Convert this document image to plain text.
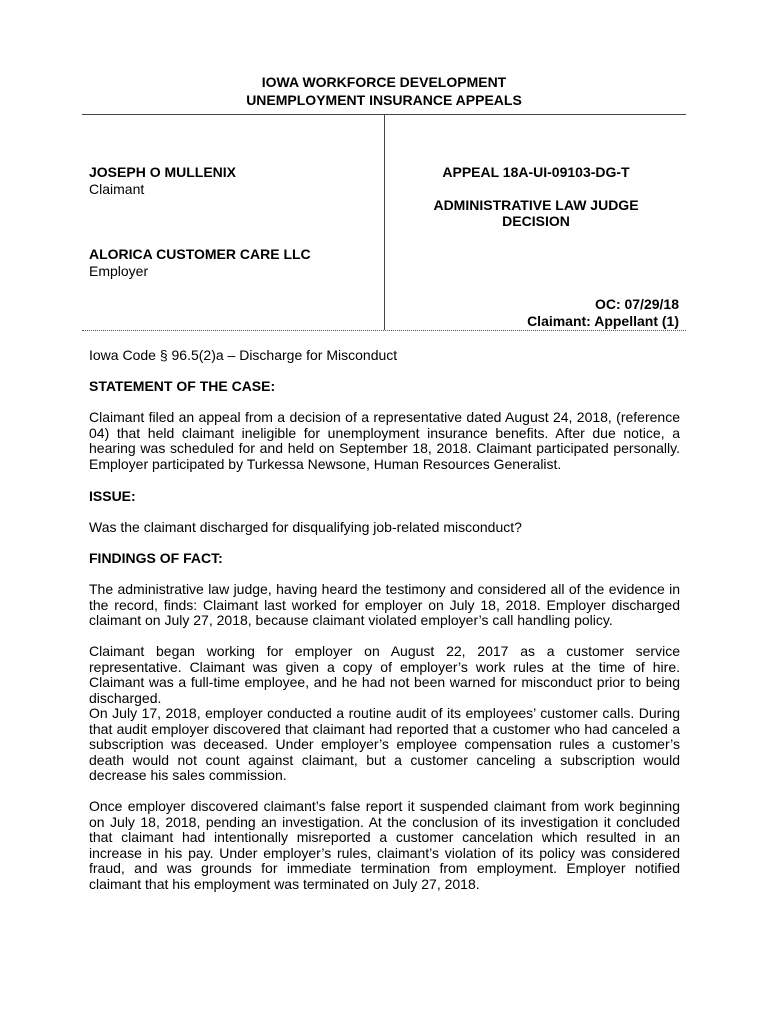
IOWA WORKFORCE DEVELOPMENT
UNEMPLOYMENT INSURANCE APPEALS
JOSEPH O MULLENIX
Claimant
ALORICA CUSTOMER CARE LLC
Employer
APPEAL 18A-UI-09103-DG-T
ADMINISTRATIVE LAW JUDGE
DECISION
OC: 07/29/18
Claimant: Appellant (1)
Iowa Code § 96.5(2)a – Discharge for Misconduct
STATEMENT OF THE CASE:
Claimant filed an appeal from a decision of a representative dated August 24, 2018, (reference 04) that held claimant ineligible for unemployment insurance benefits. After due notice, a hearing was scheduled for and held on September 18, 2018. Claimant participated personally. Employer participated by Turkessa Newsone, Human Resources Generalist.
ISSUE:
Was the claimant discharged for disqualifying job-related misconduct?
FINDINGS OF FACT:
The administrative law judge, having heard the testimony and considered all of the evidence in the record, finds: Claimant last worked for employer on July 18, 2018. Employer discharged claimant on July 27, 2018, because claimant violated employer’s call handling policy.
Claimant began working for employer on August 22, 2017 as a customer service representative. Claimant was given a copy of employer’s work rules at the time of hire. Claimant was a full-time employee, and he had not been warned for misconduct prior to being discharged.
On July 17, 2018, employer conducted a routine audit of its employees’ customer calls. During that audit employer discovered that claimant had reported that a customer who had canceled a subscription was deceased. Under employer’s employee compensation rules a customer’s death would not count against claimant, but a customer canceling a subscription would decrease his sales commission.
Once employer discovered claimant’s false report it suspended claimant from work beginning on July 18, 2018, pending an investigation. At the conclusion of its investigation it concluded that claimant had intentionally misreported a customer cancelation which resulted in an increase in his pay. Under employer’s rules, claimant’s violation of its policy was considered fraud, and was grounds for immediate termination from employment. Employer notified claimant that his employment was terminated on July 27, 2018.
